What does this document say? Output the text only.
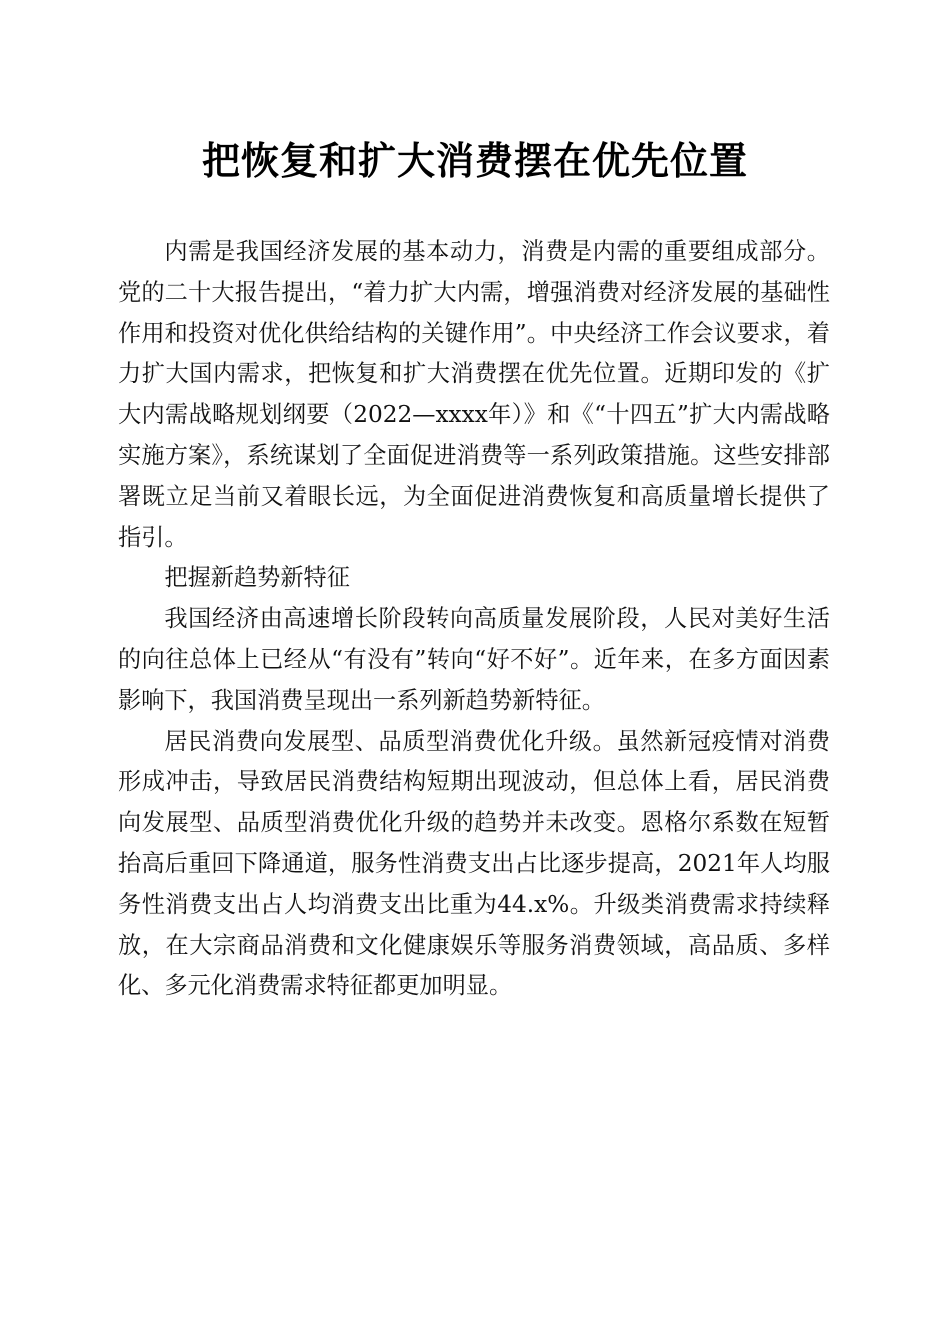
把恢复和扩大消费摆在优先位置

内需是我国经济发展的基本动力，消费是内需的重要组成部分。党的二十大报告提出，“着力扩大内需，增强消费对经济发展的基础性作用和投资对优化供给结构的关键作用”。中央经济工作会议要求，着力扩大国内需求，把恢复和扩大消费摆在优先位置。近期印发的《扩大内需战略规划纲要（2022—xxxx年）》和《“十四五”扩大内需战略实施方案》，系统谋划了全面促进消费等一系列政策措施。这些安排部署既立足当前又着眼长远，为全面促进消费恢复和高质量增长提供了指引。

把握新趋势新特征

我国经济由高速增长阶段转向高质量发展阶段，人民对美好生活的向往总体上已经从“有没有”转向“好不好”。近年来，在多方面因素影响下，我国消费呈现出一系列新趋势新特征。

居民消费向发展型、品质型消费优化升级。虽然新冠疫情对消费形成冲击，导致居民消费结构短期出现波动，但总体上看，居民消费向发展型、品质型消费优化升级的趋势并未改变。恩格尔系数在短暂抬高后重回下降通道，服务性消费支出占比逐步提高，2021年人均服务性消费支出占人均消费支出比重为44.x%。升级类消费需求持续释放，在大宗商品消费和文化健康娱乐等服务消费领域，高品质、多样化、多元化消费需求特征都更加明显。
